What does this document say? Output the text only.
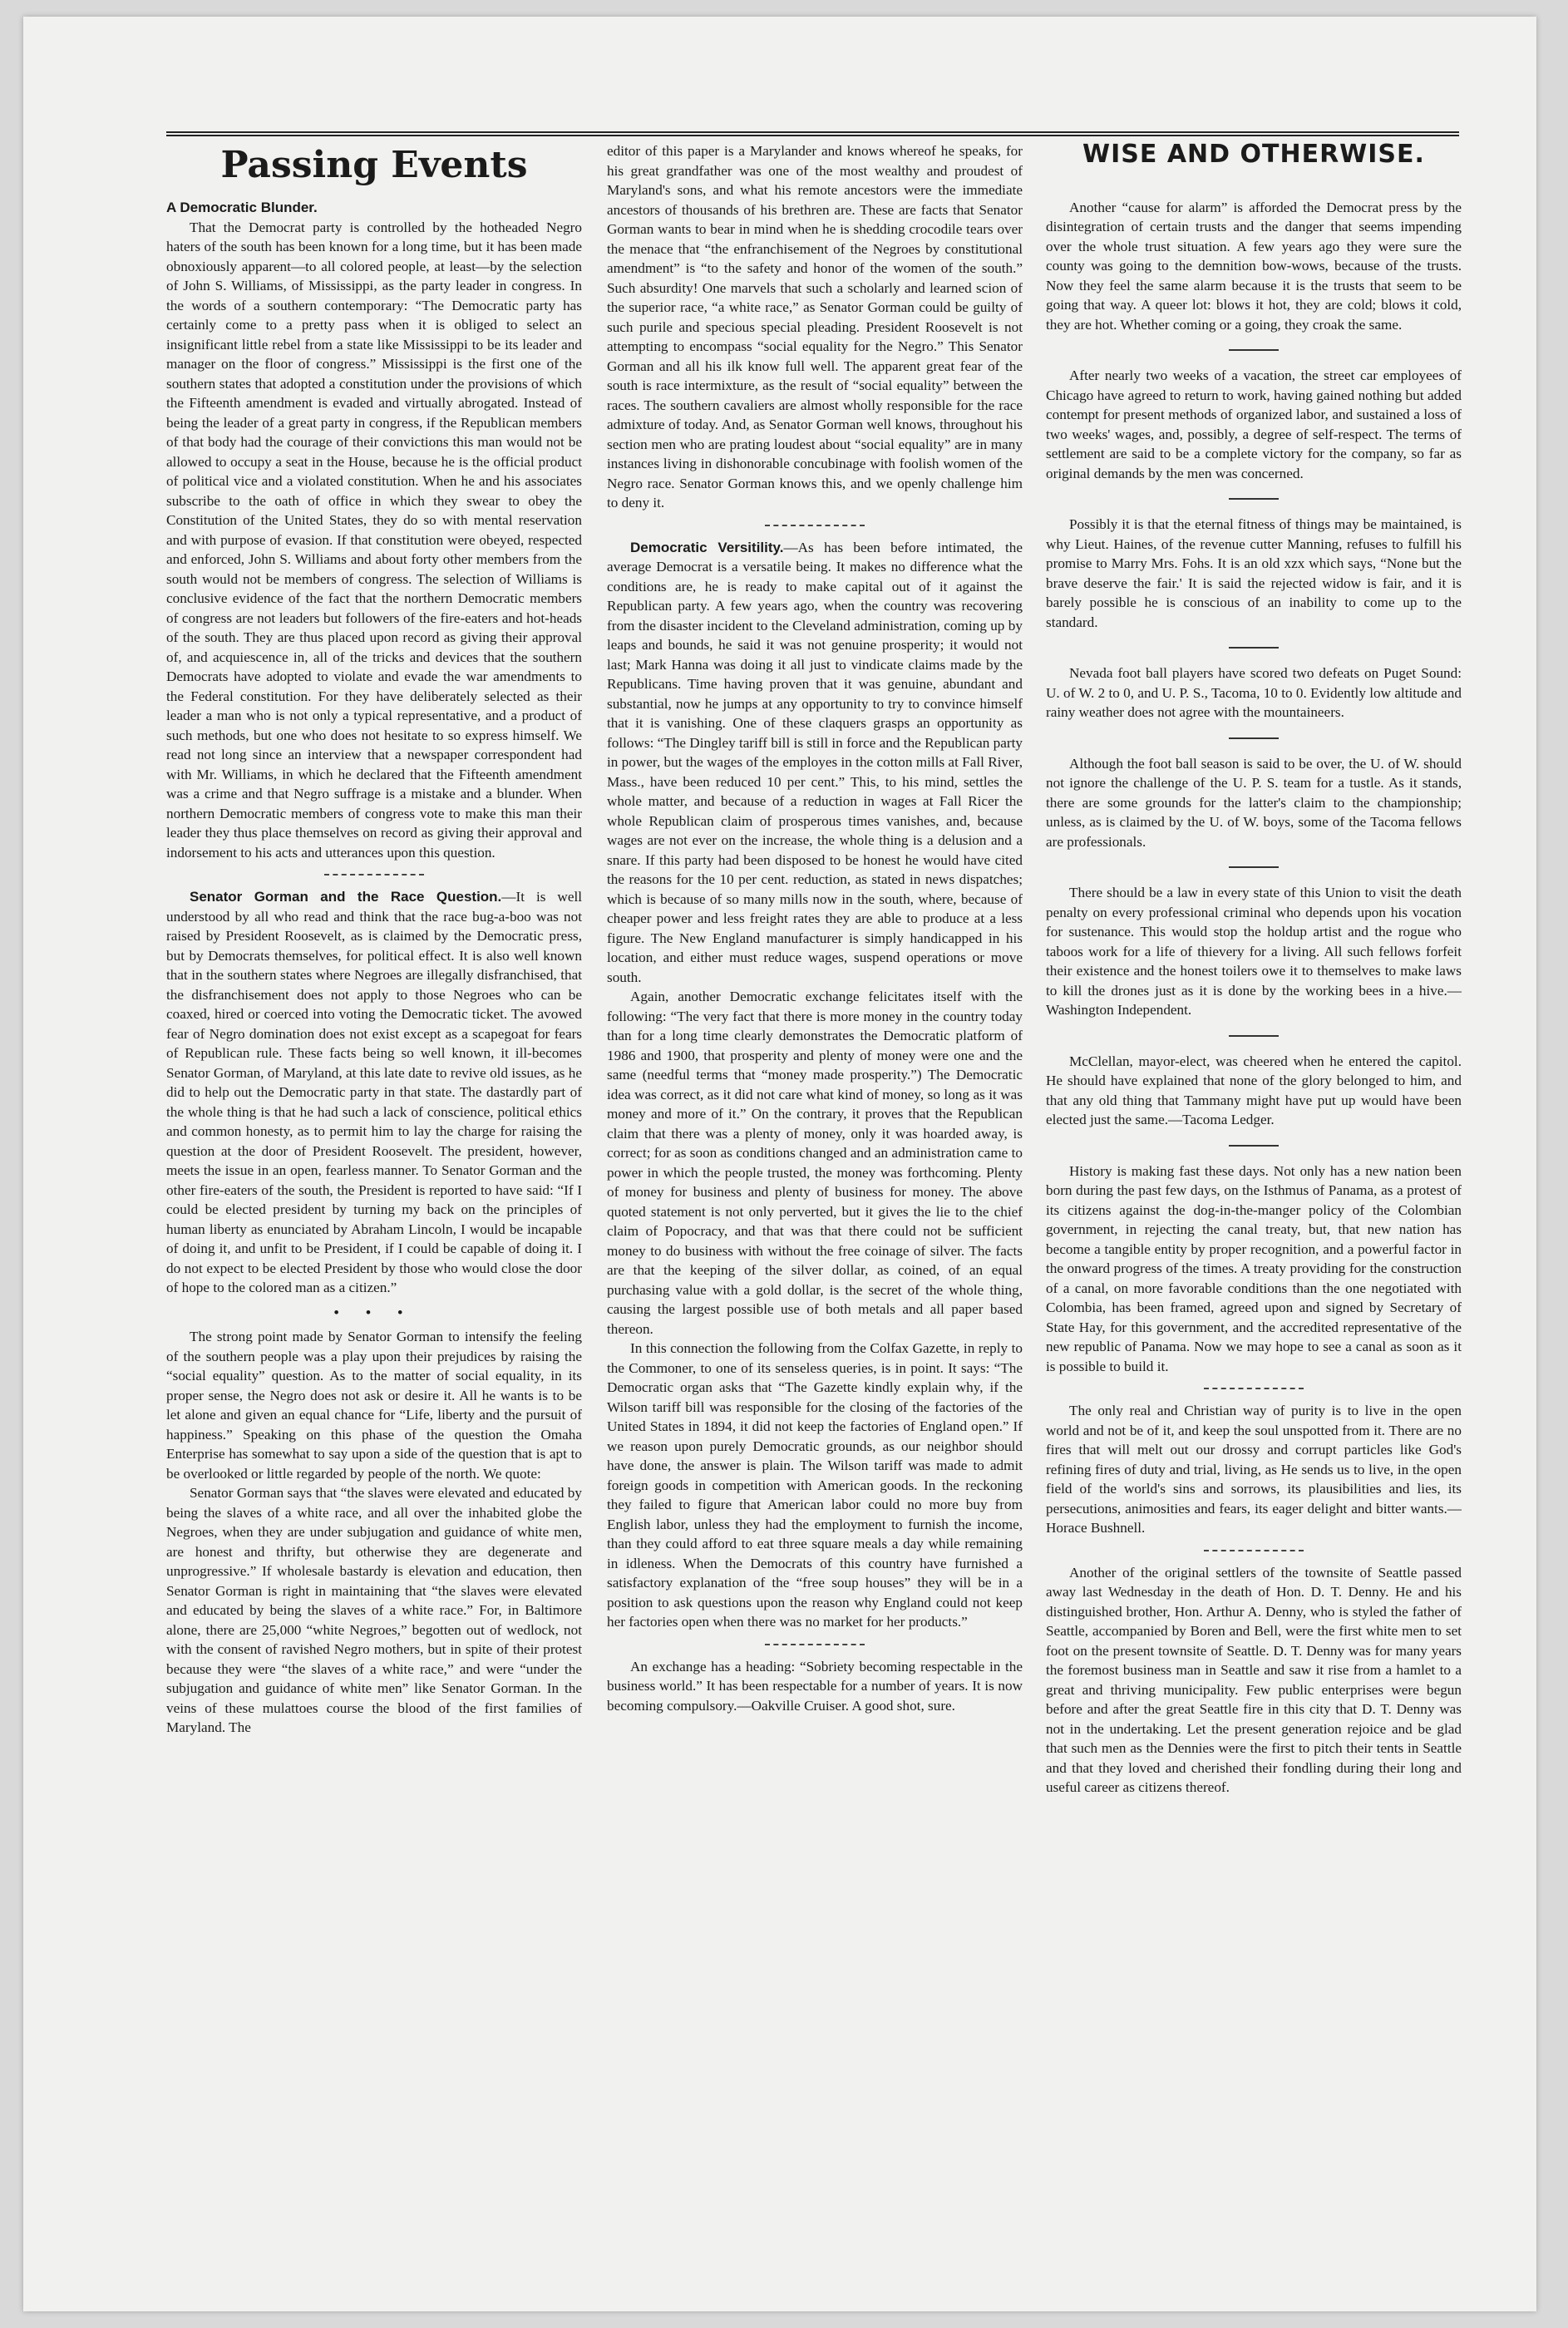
Passing Events

A Democratic Blunder.

That the Democrat party is controlled by the hotheaded Negro haters of the south has been known for a long time, but it has been made obnoxiously apparent—to all colored people, at least—by the selection of John S. Williams, of Mississippi, as the party leader in congress. In the words of a southern contemporary: “The Democratic party has certainly come to a pretty pass when it is obliged to select an insignificant little rebel from a state like Mississippi to be its leader and manager on the floor of congress.” Mississippi is the first one of the southern states that adopted a constitution under the provisions of which the Fifteenth amendment is evaded and virtually abrogated. Instead of being the leader of a great party in congress, if the Republican members of that body had the courage of their convictions this man would not be allowed to occupy a seat in the House, because he is the official product of political vice and a violated constitution. When he and his associates subscribe to the oath of office in which they swear to obey the Constitution of the United States, they do so with mental reservation and with purpose of evasion. If that constitution were obeyed, respected and enforced, John S. Williams and about forty other members from the south would not be members of congress. The selection of Williams is conclusive evidence of the fact that the northern Democratic members of congress are not leaders but followers of the fire-eaters and hot-heads of the south. They are thus placed upon record as giving their approval of, and acquiescence in, all of the tricks and devices that the southern Democrats have adopted to violate and evade the war amendments to the Federal constitution. For they have deliberately selected as their leader a man who is not only a typical representative, and a product of such methods, but one who does not hesitate to so express himself. We read not long since an interview that a newspaper correspondent had with Mr. Williams, in which he declared that the Fifteenth amendment was a crime and that Negro suffrage is a mistake and a blunder. When northern Democratic members of congress vote to make this man their leader they thus place themselves on record as giving their approval and indorsement to his acts and utterances upon this question.

Senator Gorman and the Race Question.—It is well understood by all who read and think that the race bug-a-boo was not raised by President Roosevelt, as is claimed by the Democratic press, but by Democrats themselves, for political effect. It is also well known that in the southern states where Negroes are illegally disfranchised, that the disfranchisement does not apply to those Negroes who can be coaxed, hired or coerced into voting the Democratic ticket. The avowed fear of Negro domination does not exist except as a scapegoat for fears of Republican rule. These facts being so well known, it ill-becomes Senator Gorman, of Maryland, at this late date to revive old issues, as he did to help out the Democratic party in that state. The dastardly part of the whole thing is that he had such a lack of conscience, political ethics and common honesty, as to permit him to lay the charge for raising the question at the door of President Roosevelt. The president, however, meets the issue in an open, fearless manner. To Senator Gorman and the other fire-eaters of the south, the President is reported to have said: “If I could be elected president by turning my back on the principles of human liberty as enunciated by Abraham Lincoln, I would be incapable of doing it, and unfit to be President, if I could be capable of doing it. I do not expect to be elected President by those who would close the door of hope to the colored man as a citizen.”

• • •

The strong point made by Senator Gorman to intensify the feeling of the southern people was a play upon their prejudices by raising the “social equality” question. As to the matter of social equality, in its proper sense, the Negro does not ask or desire it. All he wants is to be let alone and given an equal chance for “Life, liberty and the pursuit of happiness.” Speaking on this phase of the question the Omaha Enterprise has somewhat to say upon a side of the question that is apt to be overlooked or little regarded by people of the north. We quote:

Senator Gorman says that “the slaves were elevated and educated by being the slaves of a white race, and all over the inhabited globe the Negroes, when they are under subjugation and guidance of white men, are honest and thrifty, but otherwise they are degenerate and unprogressive.” If wholesale bastardy is elevation and education, then Senator Gorman is right in maintaining that “the slaves were elevated and educated by being the slaves of a white race.” For, in Baltimore alone, there are 25,000 “white Negroes,” begotten out of wedlock, not with the consent of ravished Negro mothers, but in spite of their protest because they were “the slaves of a white race,” and were “under the subjugation and guidance of white men” like Senator Gorman. In the veins of these mulattoes course the blood of the first families of Maryland. The

editor of this paper is a Marylander and knows whereof he speaks, for his great grandfather was one of the most wealthy and proudest of Maryland's sons, and what his remote ancestors were the immediate ancestors of thousands of his brethren are. These are facts that Senator Gorman wants to bear in mind when he is shedding crocodile tears over the menace that “the enfranchisement of the Negroes by constitutional amendment” is “to the safety and honor of the women of the south.” Such absurdity! One marvels that such a scholarly and learned scion of the superior race, “a white race,” as Senator Gorman could be guilty of such purile and specious special pleading. President Roosevelt is not attempting to encompass “social equality for the Negro.” This Senator Gorman and all his ilk know full well. The apparent great fear of the south is race intermixture, as the result of “social equality” between the races. The southern cavaliers are almost wholly responsible for the race admixture of today. And, as Senator Gorman well knows, throughout his section men who are prating loudest about “social equality” are in many instances living in dishonorable concubinage with foolish women of the Negro race. Senator Gorman knows this, and we openly challenge him to deny it.

Democratic Versitility.—As has been before intimated, the average Democrat is a versatile being. It makes no difference what the conditions are, he is ready to make capital out of it against the Republican party. A few years ago, when the country was recovering from the disaster incident to the Cleveland administration, coming up by leaps and bounds, he said it was not genuine prosperity; it would not last; Mark Hanna was doing it all just to vindicate claims made by the Republicans. Time having proven that it was genuine, abundant and substantial, now he jumps at any opportunity to try to convince himself that it is vanishing. One of these claquers grasps an opportunity as follows: “The Dingley tariff bill is still in force and the Republican party in power, but the wages of the employes in the cotton mills at Fall River, Mass., have been reduced 10 per cent.” This, to his mind, settles the whole matter, and because of a reduction in wages at Fall Ricer the whole Republican claim of prosperous times vanishes, and, because wages are not ever on the increase, the whole thing is a delusion and a snare. If this party had been disposed to be honest he would have cited the reasons for the 10 per cent. reduction, as stated in news dispatches; which is because of so many mills now in the south, where, because of cheaper power and less freight rates they are able to produce at a less figure. The New England manufacturer is simply handicapped in his location, and either must reduce wages, suspend operations or move south.

Again, another Democratic exchange felicitates itself with the following: “The very fact that there is more money in the country today than for a long time clearly demonstrates the Democratic platform of 1986 and 1900, that prosperity and plenty of money were one and the same (needful terms that “money made prosperity.”) The Democratic idea was correct, as it did not care what kind of money, so long as it was money and more of it.” On the contrary, it proves that the Republican claim that there was a plenty of money, only it was hoarded away, is correct; for as soon as conditions changed and an administration came to power in which the people trusted, the money was forthcoming. Plenty of money for business and plenty of business for money. The above quoted statement is not only perverted, but it gives the lie to the chief claim of Popocracy, and that was that there could not be sufficient money to do business with without the free coinage of silver. The facts are that the keeping of the silver dollar, as coined, of an equal purchasing value with a gold dollar, is the secret of the whole thing, causing the largest possible use of both metals and all paper based thereon.

In this connection the following from the Colfax Gazette, in reply to the Commoner, to one of its senseless queries, is in point. It says: “The Democratic organ asks that “The Gazette kindly explain why, if the Wilson tariff bill was responsible for the closing of the factories of the United States in 1894, it did not keep the factories of England open.” If we reason upon purely Democratic grounds, as our neighbor should have done, the answer is plain. The Wilson tariff was made to admit foreign goods in competition with American goods. In the reckoning they failed to figure that American labor could no more buy from English labor, unless they had the employment to furnish the income, than they could afford to eat three square meals a day while remaining in idleness. When the Democrats of this country have furnished a satisfactory explanation of the “free soup houses” they will be in a position to ask questions upon the reason why England could not keep her factories open when there was no market for her products.”

An exchange has a heading: “Sobriety becoming respectable in the business world.” It has been respectable for a number of years. It is now becoming compulsory.—Oakville Cruiser. A good shot, sure.

WISE AND OTHERWISE.

Another “cause for alarm” is afforded the Democrat press by the disintegration of certain trusts and the danger that seems impending over the whole trust situation. A few years ago they were sure the county was going to the demnition bow-wows, because of the trusts. Now they feel the same alarm because it is the trusts that seem to be going that way. A queer lot: blows it hot, they are cold; blows it cold, they are hot. Whether coming or a going, they croak the same.

After nearly two weeks of a vacation, the street car employees of Chicago have agreed to return to work, having gained nothing but added contempt for present methods of organized labor, and sustained a loss of two weeks' wages, and, possibly, a degree of self-respect. The terms of settlement are said to be a complete victory for the company, so far as original demands by the men was concerned.

Possibly it is that the eternal fitness of things may be maintained, is why Lieut. Haines, of the revenue cutter Manning, refuses to fulfill his promise to Marry Mrs. Fohs. It is an old xzx which says, “None but the brave deserve the fair.' It is said the rejected widow is fair, and it is barely possible he is conscious of an inability to come up to the standard.

Nevada foot ball players have scored two defeats on Puget Sound: U. of W. 2 to 0, and U. P. S., Tacoma, 10 to 0. Evidently low altitude and rainy weather does not agree with the mountaineers.

Although the foot ball season is said to be over, the U. of W. should not ignore the challenge of the U. P. S. team for a tustle. As it stands, there are some grounds for the latter's claim to the championship; unless, as is claimed by the U. of W. boys, some of the Tacoma fellows are professionals.

There should be a law in every state of this Union to visit the death penalty on every professional criminal who depends upon his vocation for sustenance. This would stop the holdup artist and the rogue who taboos work for a life of thievery for a living. All such fellows forfeit their existence and the honest toilers owe it to themselves to make laws to kill the drones just as it is done by the working bees in a hive.—Washington Independent.

McClellan, mayor-elect, was cheered when he entered the capitol. He should have explained that none of the glory belonged to him, and that any old thing that Tammany might have put up would have been elected just the same.—Tacoma Ledger.

History is making fast these days. Not only has a new nation been born during the past few days, on the Isthmus of Panama, as a protest of its citizens against the dog-in-the-manger policy of the Colombian government, in rejecting the canal treaty, but, that new nation has become a tangible entity by proper recognition, and a powerful factor in the onward progress of the times. A treaty providing for the construction of a canal, on more favorable conditions than the one negotiated with Colombia, has been framed, agreed upon and signed by Secretary of State Hay, for this government, and the accredited representative of the new republic of Panama. Now we may hope to see a canal as soon as it is possible to build it.

The only real and Christian way of purity is to live in the open world and not be of it, and keep the soul unspotted from it. There are no fires that will melt out our drossy and corrupt particles like God's refining fires of duty and trial, living, as He sends us to live, in the open field of the world's sins and sorrows, its plausibilities and lies, its persecutions, animosities and fears, its eager delight and bitter wants.—Horace Bushnell.

Another of the original settlers of the townsite of Seattle passed away last Wednesday in the death of Hon. D. T. Denny. He and his distinguished brother, Hon. Arthur A. Denny, who is styled the father of Seattle, accompanied by Boren and Bell, were the first white men to set foot on the present townsite of Seattle. D. T. Denny was for many years the foremost business man in Seattle and saw it rise from a hamlet to a great and thriving municipality. Few public enterprises were begun before and after the great Seattle fire in this city that D. T. Denny was not in the undertaking. Let the present generation rejoice and be glad that such men as the Dennies were the first to pitch their tents in Seattle and that they loved and cherished their fondling during their long and useful career as citizens thereof.
